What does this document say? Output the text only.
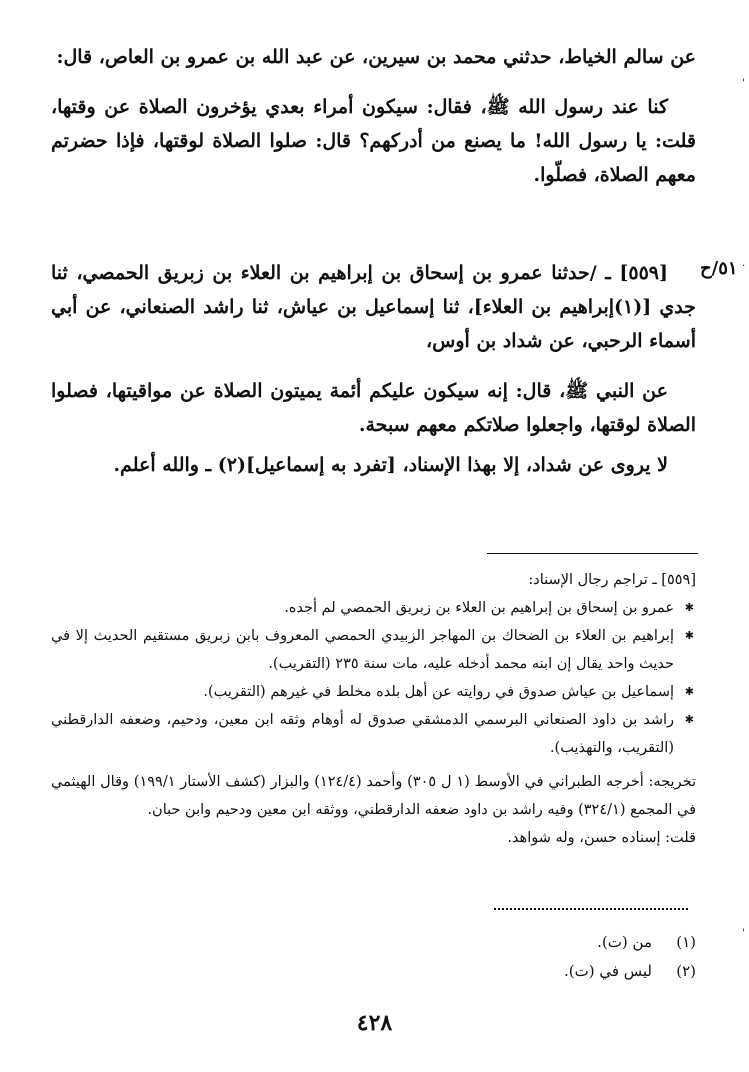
عن سالم الخياط، حدثني محمد بن سيرين، عن عبد الله بن عمرو بن العاص، قال:

كنا عند رسول الله ﷺ، فقال: سيكون أمراء بعدي يؤخرون الصلاة عن وقتها، قلت: يا رسول الله! ما يصنع من أدركهم؟ قال: صلوا الصلاة لوقتها، فإذا حضرتم معهم الصلاة، فصلّوا.

٥١/ح

[٥٥٩] ـ /حدثنا عمرو بن إسحاق بن إبراهيم بن العلاء بن زبريق الحمصي، ثنا جدي [(١)إبراهيم بن العلاء]، ثنا إسماعيل بن عياش، ثنا راشد الصنعاني، عن أبي أسماء الرحبي، عن شداد بن أوس،

عن النبي ﷺ، قال: إنه سيكون عليكم أئمة يميتون الصلاة عن مواقيتها، فصلوا الصلاة لوقتها، واجعلوا صلاتكم معهم سبحة.

لا يروى عن شداد، إلا بهذا الإسناد، [تفرد به إسماعيل](٢) ـ والله أعلم.

[٥٥٩] ـ تراجم رجال الإسناد:

✱ عمرو بن إسحاق بن إبراهيم بن العلاء بن زبريق الحمصي لم أجده.

✱ إبراهيم بن العلاء بن الضحاك بن المهاجر الزبيدي الحمصي المعروف بابن زبريق مستقيم الحديث إلا في حديث واحد يقال إن ابنه محمد أدخله عليه، مات سنة ٢٣٥ (التقريب).

✱ إسماعيل بن عياش صدوق في روايته عن أهل بلده مخلط في غيرهم (التقريب).

✱ راشد بن داود الصنعاني البرسمي الدمشقي صدوق له أوهام وثقه ابن معين، ودحيم، وضعفه الدارقطني (التقريب، والتهذيب).

تخريجه: أخرجه الطبراني في الأوسط (١ ل ٣٠٥) وأحمد (١٢٤/٤) والبزار (كشف الأستار ١٩٩/١) وقال الهيثمي في المجمع (٣٢٤/١) وفيه راشد بن داود ضعفه الدارقطني، ووثقه ابن معين ودحيم وابن حبان.

قلت: إسناده حسن، وله شواهد.

(١)
من (ت).
(٢)
ليس في (ت).
٤٢٨
'
.
'
